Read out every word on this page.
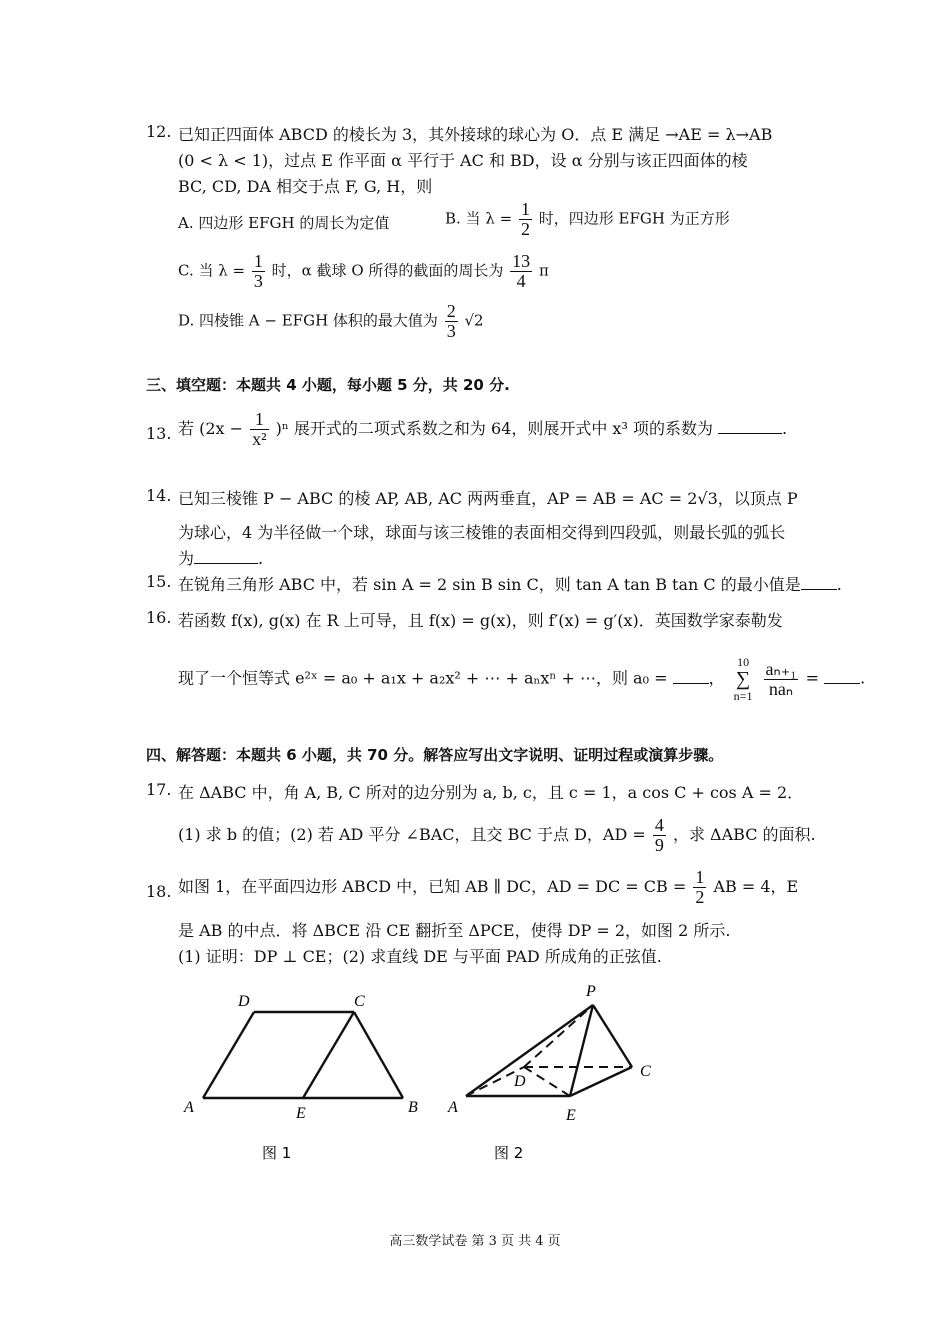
12. 已知正四面体 ABCD 的棱长为 3，其外接球的球心为 O．点 E 满足 →AE = λ→AB
(0 < λ < 1)，过点 E 作平面 α 平行于 AC 和 BD，设 α 分别与该正四面体的棱
BC, CD, DA 相交于点 F, G, H，则
A. 四边形 EFGH 的周长为定值	B. 当 $\lambda = \frac{1}{2}$ 时，四边形 EFGH 为正方形
C. 当 $\lambda = \frac{1}{3}$ 时，α 截球 O 所得的截面的周长为 $\frac{13}{4}$ π
D. 四棱锥 A − EFGH 体积的最大值为 $\frac{2}{3} √2$
三、填空题：本题共 4 小题，每小题 5 分，共 20 分.
13. 若 $(2x - \frac{1}{\text{x²}} )^n$ 展开式的二项式系数之和为 64，则展开式中 x³ 项的系数为	.
14. 已知三棱锥 P − ABC 的棱 AP, AB, AC 两两垂直，AP = AB = AC = 2√3，以顶点 P
为球心，4 为半径做一个球，球面与该三棱锥的表面相交得到四段弧，则最长弧的弧长
为	.
15. 在锐角三角形 ABC 中，若 sin A = 2 sin B sin C，则 tan A tan B tan C 的最小值是 .
16. 若函数 f(x), g(x) 在 R 上可导，且 f(x) = g(x)，则 f′(x) = g′(x)．英国数学家泰勒发
现了一个恒等式 e²ˣ = a₀ + a₁x + a₂x² + ⋯ + aₙxⁿ + ⋯，则 a₀ =	，
10
∑
n=1
$\frac{\text{aₙ₊₁}}{\text{naₙ}}$ =	.
四、解答题：本题共 6 小题，共 70 分。解答应写出文字说明、证明过程或演算步骤。
17. 在 ΔABC 中，角 A, B, C 所对的边分别为 a, b, c，且 c = 1，a cos C + cos A = 2．
(1) 求 b 的值；(2) 若 AD 平分 ∠BAC，且交 BC 于点 D，AD = $\frac{4}{9}$ ，求 ΔABC 的面积.
18. 如图 1，在平面四边形 ABCD 中，已知 AB ∥ DC，AD = DC = CB = $\frac{1}{2}$ AB = 4，E
是 AB 的中点．将 ΔBCE 沿 CE 翻折至 ΔPCE，使得 DP = 2，如图 2 所示.
(1) 证明：DP ⊥ CE；(2) 求直线 DE 与平面 PAD 所成角的正弦值.
A	B
C
D
E
图 1
A
C
D
E
P
图 2
高三数学试卷 第 3 页 共 4 页
